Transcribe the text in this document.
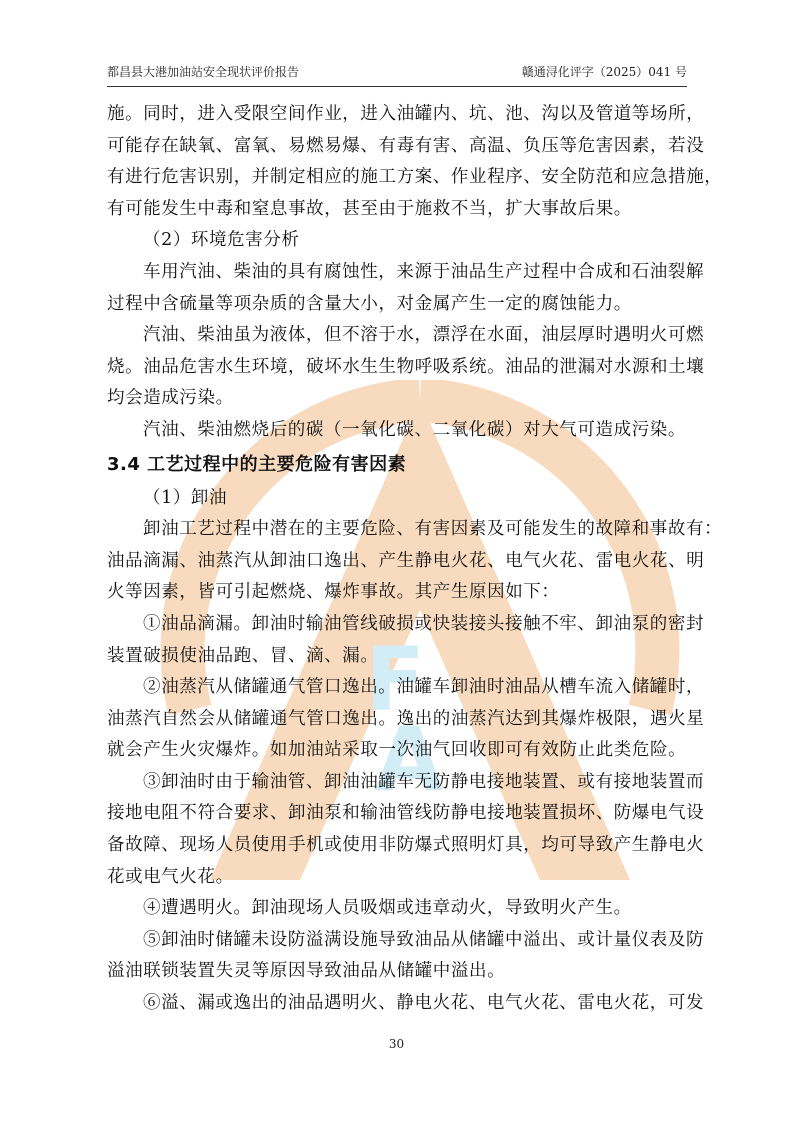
都昌县大港加油站安全现状评价报告	赣通浔化评字（2025）041 号
F
A
施。同时，进入受限空间作业，进入油罐内、坑、池、沟以及管道等场所，
可能存在缺氧、富氧、易燃易爆、有毒有害、高温、负压等危害因素，若没
有进行危害识别，并制定相应的施工方案、作业程序、安全防范和应急措施，
有可能发生中毒和窒息事故，甚至由于施救不当，扩大事故后果。
（2）环境危害分析
车用汽油、柴油的具有腐蚀性，来源于油品生产过程中合成和石油裂解
过程中含硫量等项杂质的含量大小，对金属产生一定的腐蚀能力。
汽油、柴油虽为液体，但不溶于水，漂浮在水面，油层厚时遇明火可燃
烧。油品危害水生环境，破坏水生生物呼吸系统。油品的泄漏对水源和土壤
均会造成污染。
汽油、柴油燃烧后的碳（一氧化碳、二氧化碳）对大气可造成污染。
3.4 工艺过程中的主要危险有害因素
（1）卸油
卸油工艺过程中潜在的主要危险、有害因素及可能发生的故障和事故有：
油品滴漏、油蒸汽从卸油口逸出、产生静电火花、电气火花、雷电火花、明
火等因素，皆可引起燃烧、爆炸事故。其产生原因如下：
①油品滴漏。卸油时输油管线破损或快装接头接触不牢、卸油泵的密封
装置破损使油品跑、冒、滴、漏。
②油蒸汽从储罐通气管口逸出。油罐车卸油时油品从槽车流入储罐时，
油蒸汽自然会从储罐通气管口逸出。逸出的油蒸汽达到其爆炸极限，遇火星
就会产生火灾爆炸。如加油站采取一次油气回收即可有效防止此类危险。
③卸油时由于输油管、卸油油罐车无防静电接地装置、或有接地装置而
接地电阻不符合要求、卸油泵和输油管线防静电接地装置损坏、防爆电气设
备故障、现场人员使用手机或使用非防爆式照明灯具，均可导致产生静电火
花或电气火花。
④遭遇明火。卸油现场人员吸烟或违章动火，导致明火产生。
⑤卸油时储罐未设防溢满设施导致油品从储罐中溢出、或计量仪表及防
溢油联锁装置失灵等原因导致油品从储罐中溢出。
⑥溢、漏或逸出的油品遇明火、静电火花、电气火花、雷电火花，可发
30
